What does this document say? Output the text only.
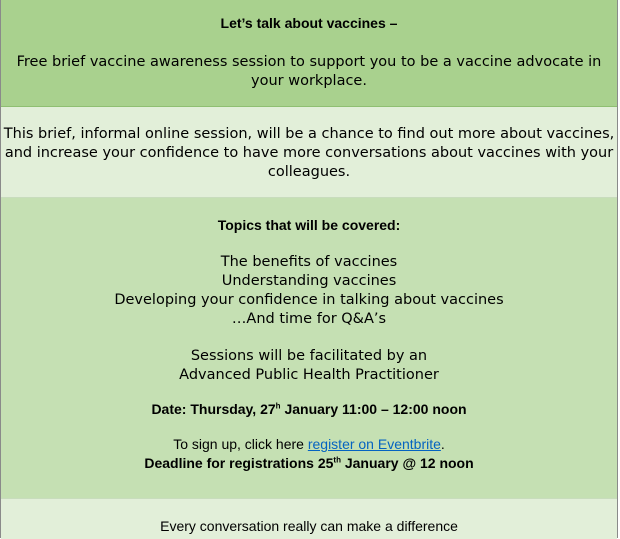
Let’s talk about vaccines –
Free brief vaccine awareness session to support you to be a vaccine advocate in
your workplace.
This brief, informal online session, will be a chance to find out more about vaccines,
and increase your confidence to have more conversations about vaccines with your
colleagues.
Topics that will be covered:
The benefits of vaccines
Understanding vaccines
Developing your confidence in talking about vaccines
…And time for Q&A’s
Sessions will be facilitated by an
Advanced Public Health Practitioner
Date: Thursday, 27$^h$ January 11:00 – 12:00 noon
To sign up, click here register on Eventbrite.
Deadline for registrations 25th January @ 12 noon
Every conversation really can make a difference
